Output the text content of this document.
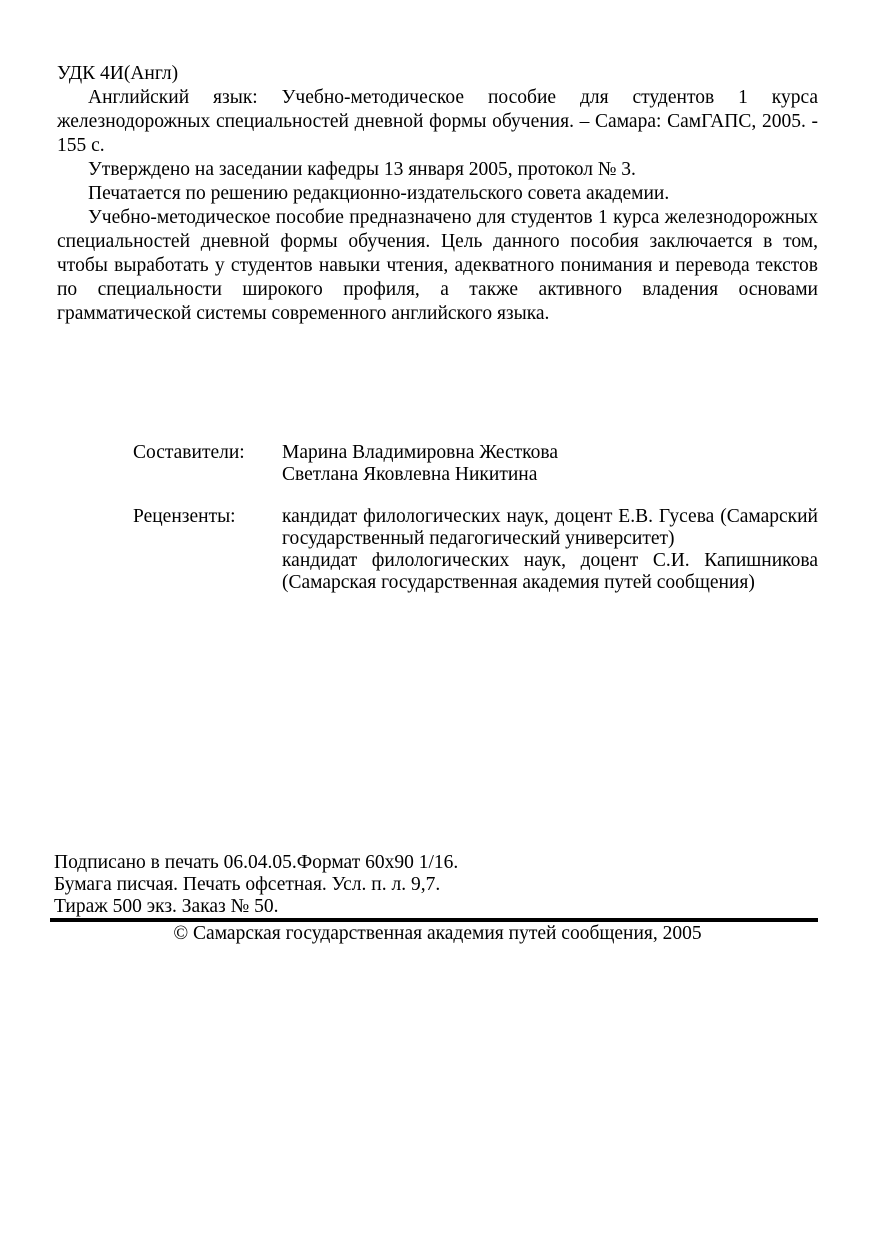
УДК 4И(Англ)

Английский язык: Учебно-методическое пособие для студентов 1 курса железнодорожных специальностей дневной формы обучения. – Самара: СамГАПС, 2005. - 155 с.

Утверждено на заседании кафедры 13 января 2005, протокол № 3.

Печатается по решению редакционно-издательского совета академии.

Учебно-методическое пособие предназначено для студентов 1 курса железнодорожных специальностей дневной формы обучения. Цель данного пособия заключается в том, чтобы выработать у студентов навыки чтения, адекватного понимания и перевода текстов по специальности широкого профиля, а также активного владения основами грамматической системы современного английского языка.

Составители:	Марина Владимировна Жесткова

Светлана Яковлевна Никитина

Рецензенты:	кандидат филологических наук, доцент Е.В. Гусева (Самарский государственный педагогический университет)

кандидат филологических наук, доцент С.И. Капишникова (Самарская государственная академия путей сообщения)

Подписано в печать 06.04.05.Формат 60х90 1/16.
Бумага писчая. Печать офсетная. Усл. п. л. 9,7.
Тираж 500 экз. Заказ № 50.

© Самарская государственная академия путей сообщения, 2005
